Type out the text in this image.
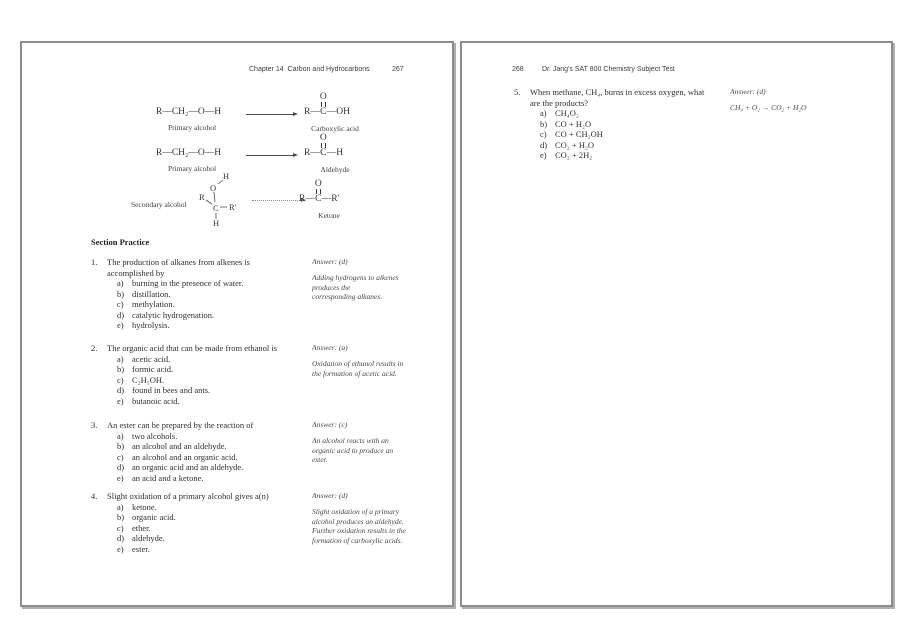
Chapter 14 Carbon and Hydrocarbons	267
R—CH₂—O—H
Primary alcohol
→ R—
O
C —OH
Carboxylic acid
R—CH₂—O—H
Primary alcohol
→ R—
O
C —H
Aldehyde
Secondary alcohol
H
O
R
C R'
H
R—
O
C —R'
Ketone
Section Practice
1. The production of alkanes from alkenes is
accomplished by
a) burning in the presence of water.
b) distillation.
c) methylation.
d) catalytic hydrogenation.
e) hydrolysis.
Answer: (d)
Adding hydrogens to alkenes
produces the
corresponding alkanes.
2. The organic acid that can be made from ethanol is
a) acetic acid.
b) formic acid.
c) C₂H₅OH.
d) found in bees and ants.
e) butanoic acid.
Answer: (a)
Oxidation of ethanol results in
the formation of acetic acid.
3. An ester can be prepared by the reaction of
a) two alcohols.
b) an alcohol and an aldehyde.
c) an alcohol and an organic acid.
d) an organic acid and an aldehyde.
e) an acid and a ketone.
Answer: (c)
An alcohol reacts with an
organic acid to produce an
ester.
4. Slight oxidation of a primary alcohol gives a(n)
a) ketone.
b) organic acid.
c) ether.
d) aldehyde.
e) ester.
Answer: (d)
Slight oxidation of a primary
alcohol produces an aldehyde.
Further oxidation results in the
formation of carboxylic acids.
268	Dr. Jang's SAT 800 Chemistry Subject Test
5. When methane, CH₄, burns in excess oxygen, what
are the products?
a) CH₄O₂
b) CO + H₂O
c) CO + CH₂OH
d) CO₂ + H₂O
e) CO₂ + 2H₂
Answer: (d)
CH₄ + O₂ → CO₂ + H₂O
